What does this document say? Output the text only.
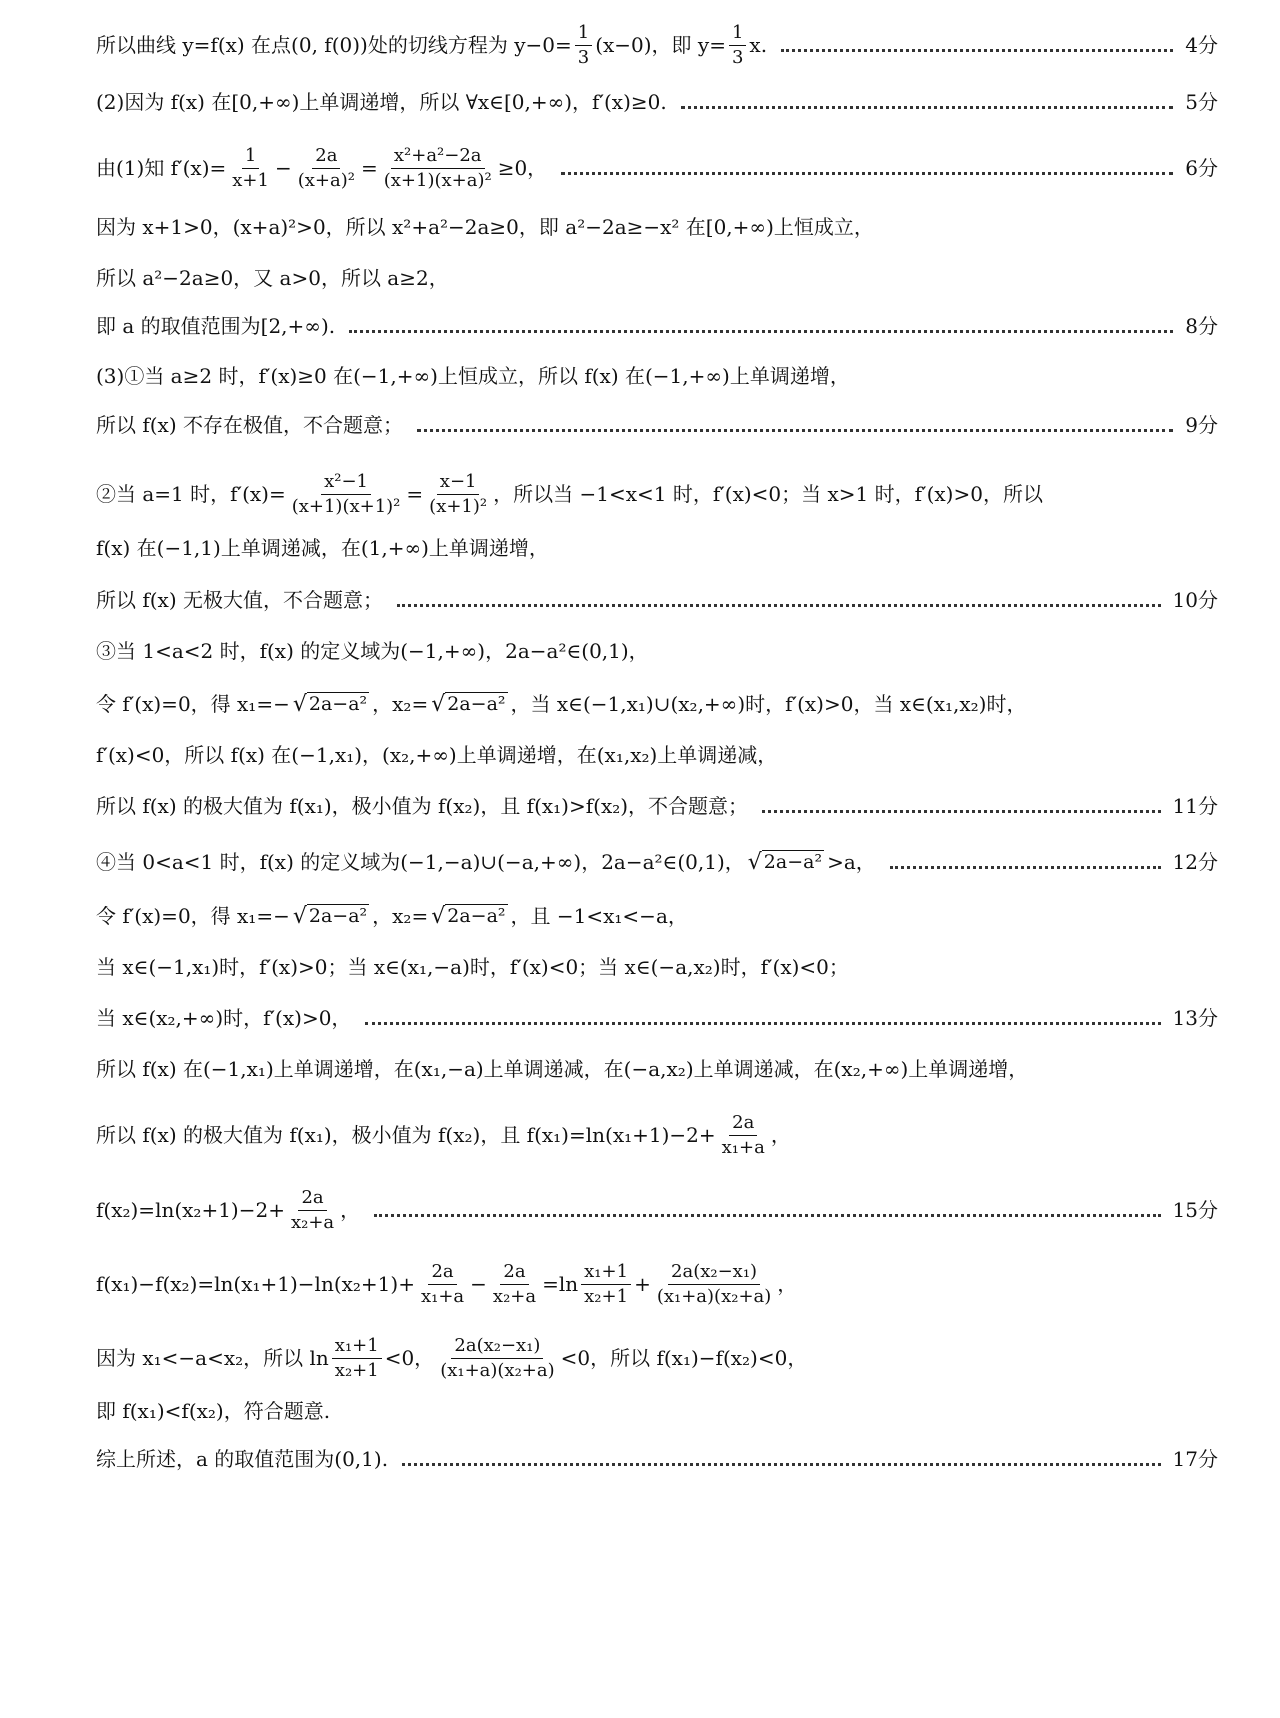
所以曲线 y=f(x) 在点(0, f(0))处的切线方程为 $y-0= \frac{1}{3} (x-0)$，即 $y= \frac{1}{3} x$.	4分
(2)因为 f(x) 在[0,+∞)上单调递增，所以 ∀x∈[0,+∞)，f′(x)≥0.	5分
由(1)知 $f'(x)= \frac{1}{x+1} - \frac{2a}{\text{(x+a)²}} = \frac{\text{x²+a²−2a}}{\text{(x+1)(x+a)²}} \ge 0$，	6分
因为 x+1>0，(x+a)²>0，所以 x²+a²−2a≥0，即 a²−2a≥−x² 在[0,+∞)上恒成立，
所以 a²−2a≥0，又 a>0，所以 a≥2，
即 a 的取值范围为[2,+∞).	8分
(3)①当 a≥2 时，f′(x)≥0 在(−1,+∞)上恒成立，所以 f(x) 在(−1,+∞)上单调递增，
所以 f(x) 不存在极值，不合题意；	9分
②当 a=1 时，$f'(x)= \frac{\text{x²−1}}{\text{(x+1)(x+1)²}} = \frac{x-1}{\text{(x+1)²}}$ ，所以当 −1<x<1 时，f′(x)<0；当 x>1 时，f′(x)>0，所以
f(x) 在(−1,1)上单调递减，在(1,+∞)上单调递增，
所以 f(x) 无极大值，不合题意；	10分
③当 1<a<2 时，f(x) 的定义域为(−1,+∞)，2a−a²∈(0,1)，
令 f′(x)=0，得 x₁=− √ 2a−a² ，x₂= √ 2a−a² ，当 x∈(−1,x₁)∪(x₂,+∞)时，f′(x)>0，当 x∈(x₁,x₂)时，
f′(x)<0，所以 f(x) 在(−1,x₁)，(x₂,+∞)上单调递增，在(x₁,x₂)上单调递减，
所以 f(x) 的极大值为 f(x₁)，极小值为 f(x₂)，且 f(x₁)>f(x₂)，不合题意；	11分
④当 0<a<1 时，f(x) 的定义域为(−1,−a)∪(−a,+∞)，2a−a²∈(0,1)， √ 2a−a² >a，	12分
令 f′(x)=0，得 x₁=− √ 2a−a² ，x₂= √ 2a−a² ，且 −1<x₁<−a，
当 x∈(−1,x₁)时，f′(x)>0；当 x∈(x₁,−a)时，f′(x)<0；当 x∈(−a,x₂)时，f′(x)<0；
当 x∈(x₂,+∞)时，f′(x)>0，	13分
所以 f(x) 在(−1,x₁)上单调递增，在(x₁,−a)上单调递减，在(−a,x₂)上单调递减，在(x₂,+∞)上单调递增，
所以 f(x) 的极大值为 f(x₁)，极小值为 f(x₂)，且 $f(x_1)=\ln(x_1+1)-2+ \frac{2a}{\text{x₁+a}}$ ，
$f(x_2)=\ln(x_2+1)-2+ \frac{2a}{\text{x₂+a}}$ ，	15分
$f(x_1)-f(x_2)=\ln(x_1+1)-\ln(x_2+1)+ \frac{2a}{\text{x₁+a}} - \frac{2a}{\text{x₂+a}} =\ln \frac{\text{x₁+1}}{\text{x₂+1}} + \frac{\text{2a(x₂−x₁)}}{\text{(x₁+a)(x₂+a)}}$ ，
因为 x₁<−a<x₂，所以 $\ln \frac{\text{x₁+1}}{\text{x₂+1}} <0$， $\frac{\text{2a(x₂−x₁)}}{\text{(x₁+a)(x₂+a)}} <0$，所以 f(x₁)−f(x₂)<0，
即 f(x₁)<f(x₂)，符合题意.
综上所述，a 的取值范围为(0,1).	17分
